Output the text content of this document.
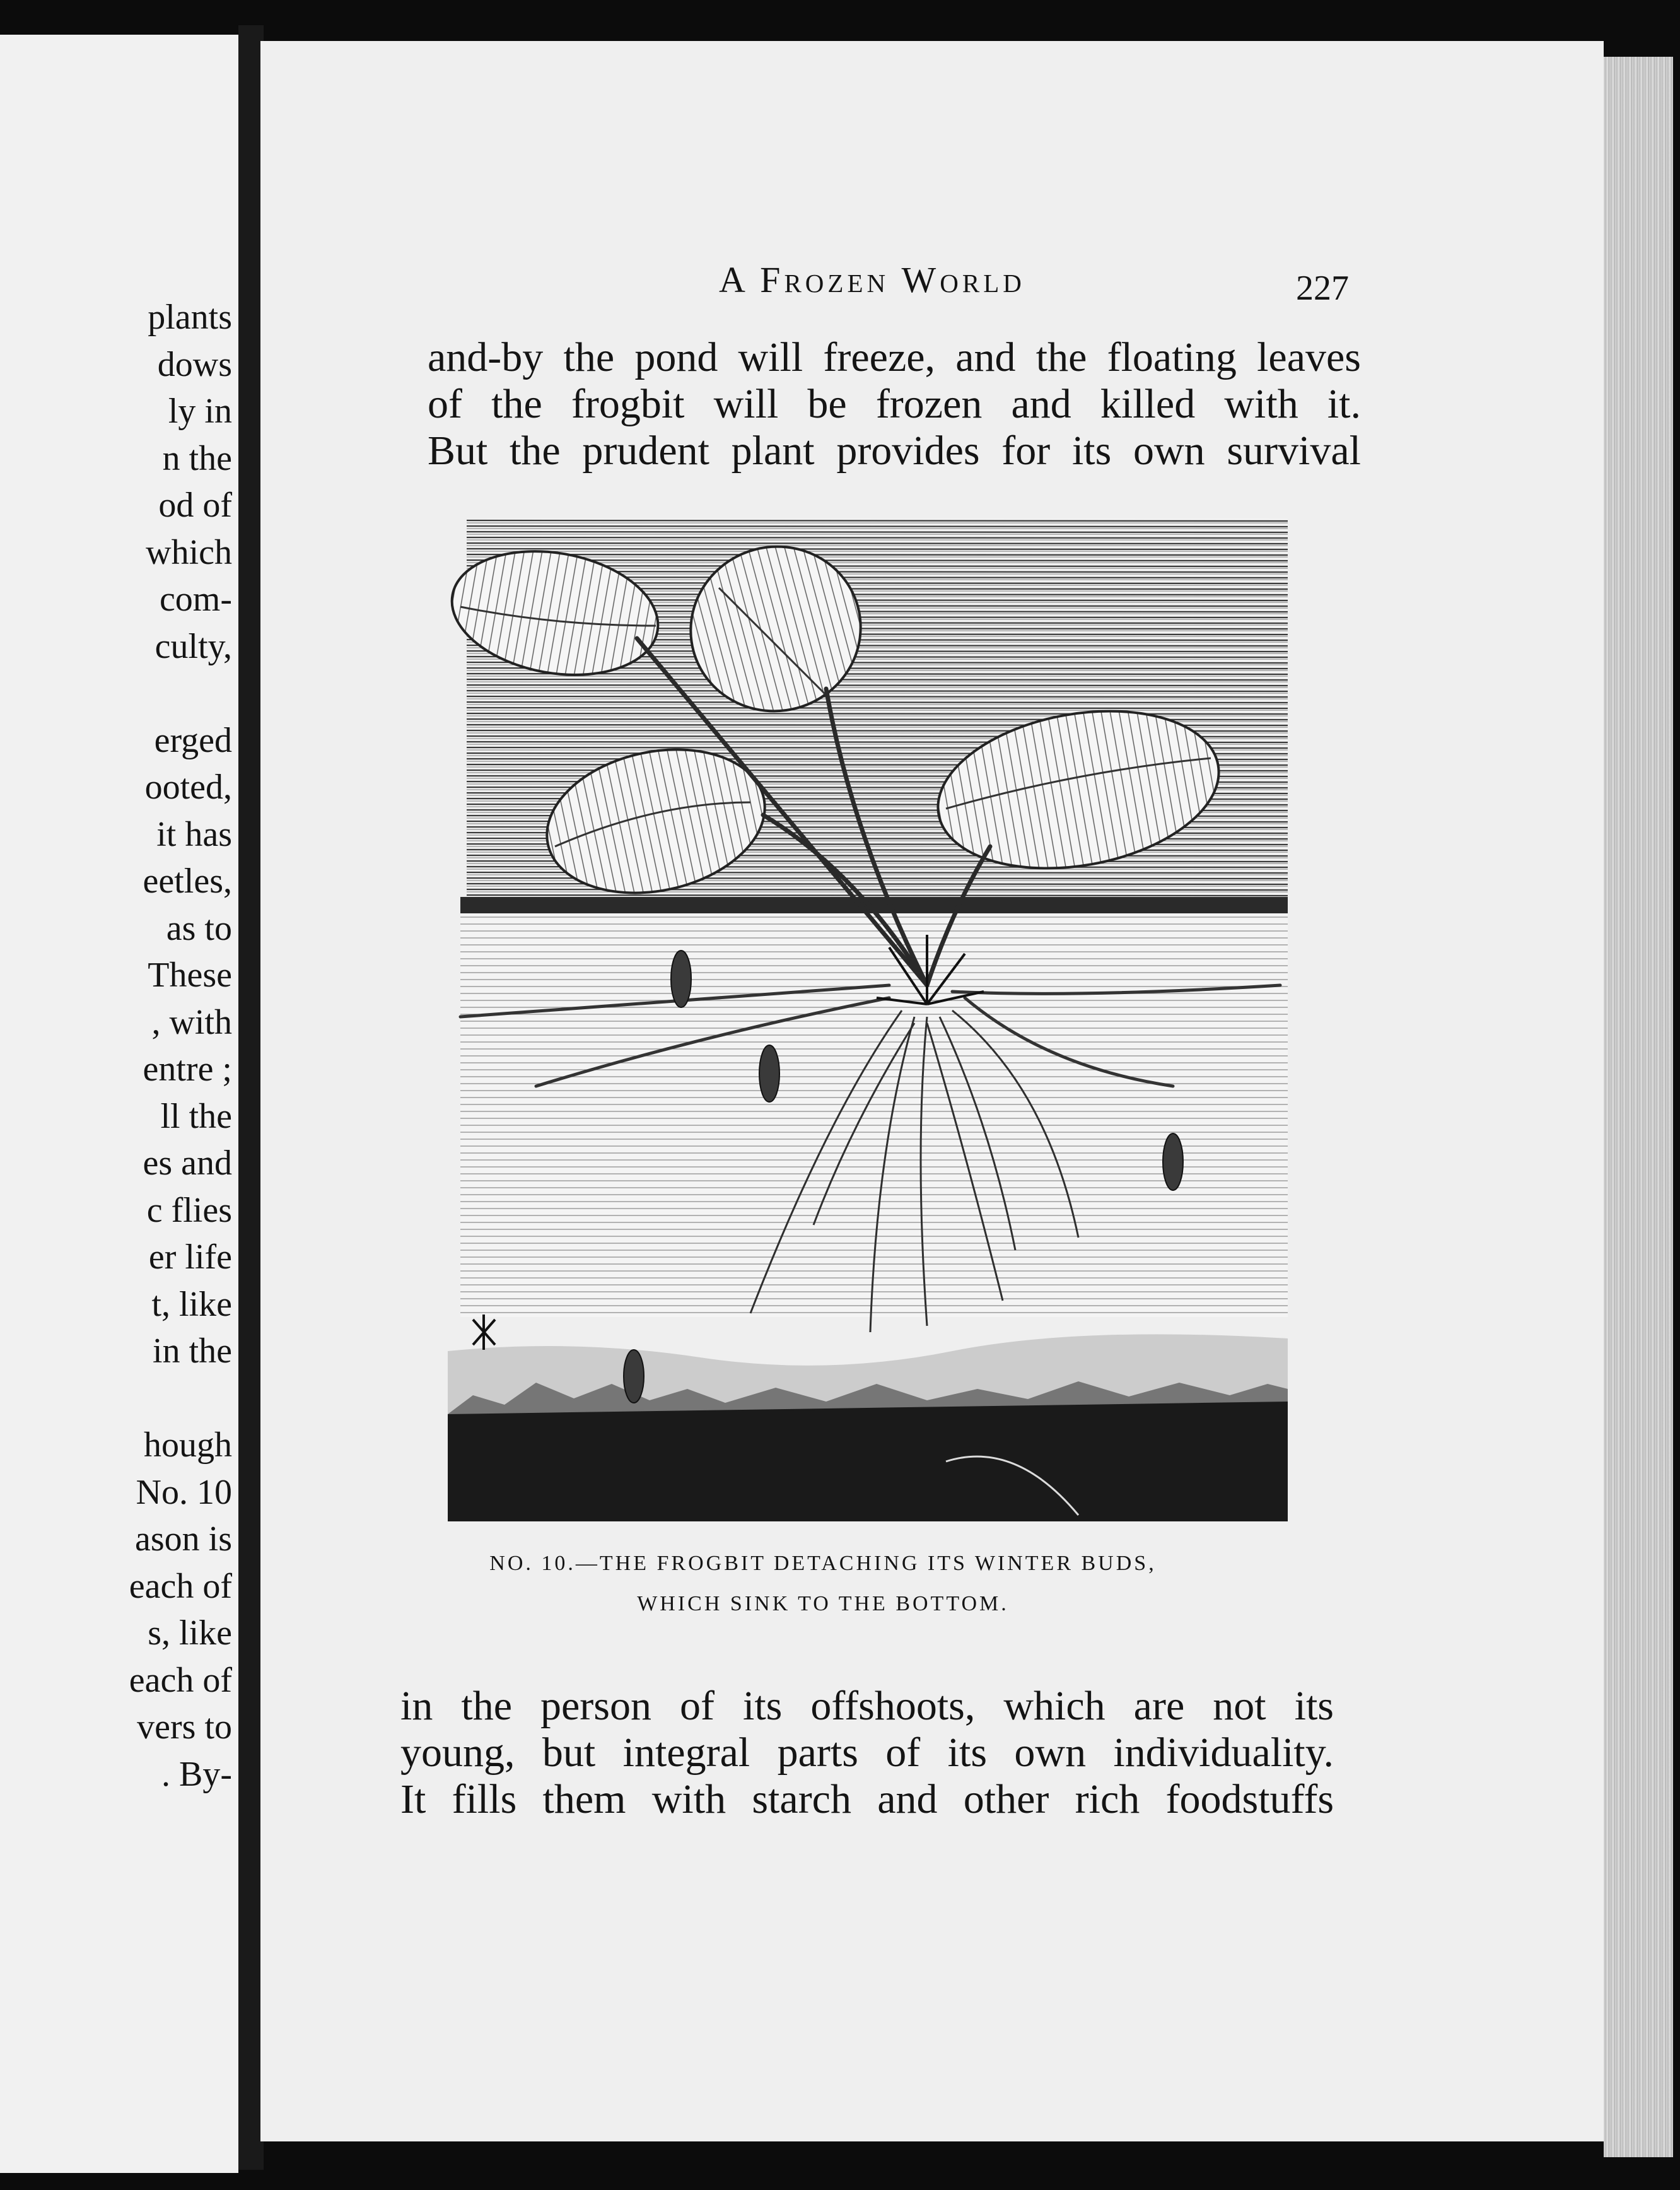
plants

dows

ly in

n the

od of

which

com-

culty,

erged

ooted,

it has

eetles,

as to

These

, with

entre ;

ll the

es and

c flies

er life

t, like

in the

hough

No. 10

ason is

each of

s, like

each of

vers to

. By-

A Frozen World	227

and-by the pond will freeze, and the floating leaves

of the frogbit will be frozen and killed with it.

But the prudent plant provides for its own survival

NO. 10.—THE FROGBIT DETACHING ITS WINTER BUDS,

WHICH SINK TO THE BOTTOM.

in the person of its offshoots, which are not its

young, but integral parts of its own individuality.

It fills them with starch and other rich foodstuffs
